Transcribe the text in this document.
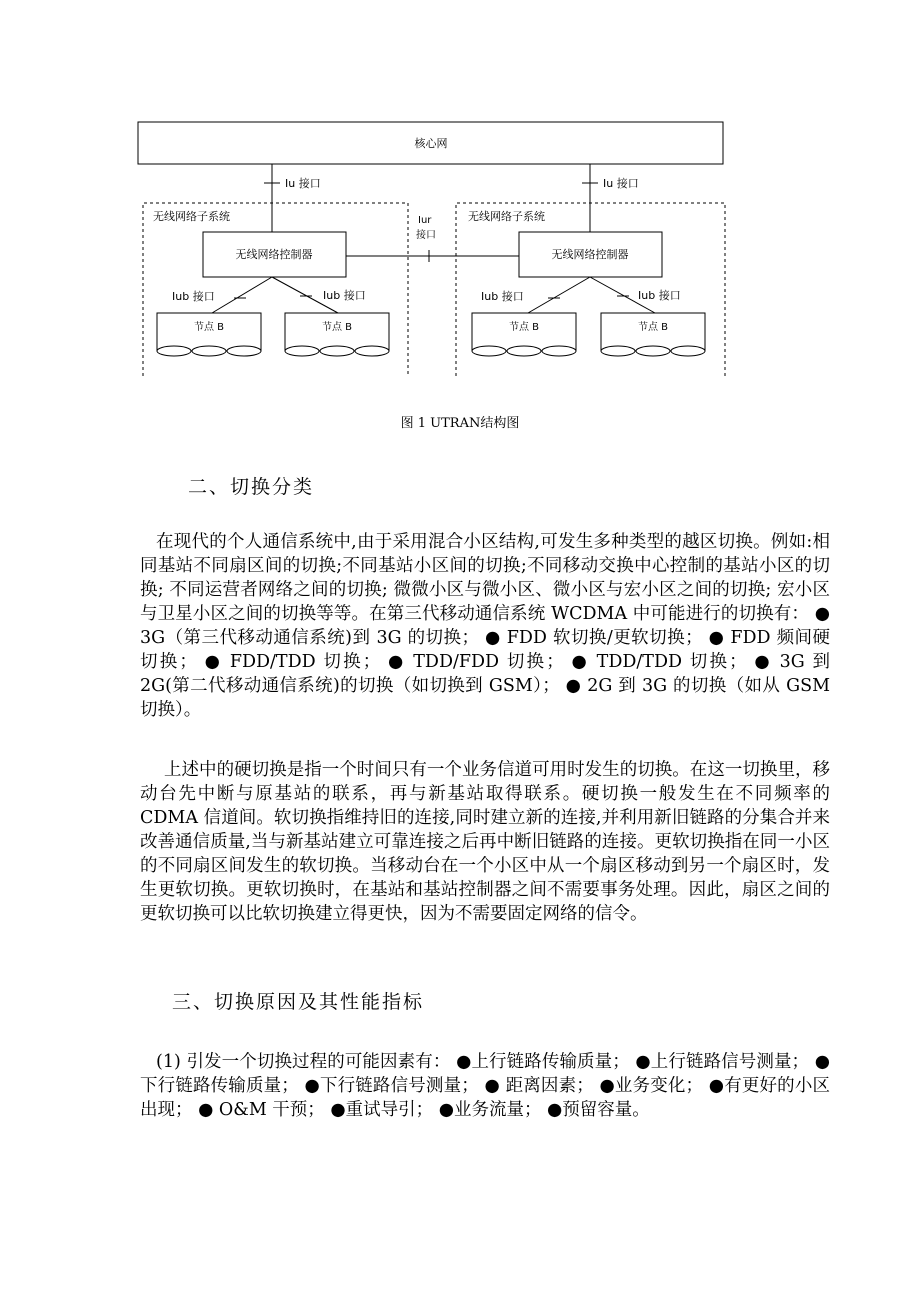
核心网
Iu 接口	Iu 接口
无线网络子系统	无线网络子系统
无线网络控制器	无线网络控制器
Iur
接口
Iub 接口	Iub 接口	Iub 接口	Iub 接口
节点 B	节点 B	节点 B	节点 B
图 1 UTRAN结构图
二、切换分类

在现代的个人通信系统中,由于采用混合小区结构,可发生多种类型的越区切换。例如:相同基站不同扇区间的切换;不同基站小区间的切换;不同移动交换中心控制的基站小区的切换; 不同运营者网络之间的切换; 微微小区与微小区、微小区与宏小区之间的切换; 宏小区与卫星小区之间的切换等等。在第三代移动通信系统 WCDMA 中可能进行的切换有： ● 3G（第三代移动通信系统)到 3G 的切换； ● FDD 软切换/更软切换； ● FDD 频间硬切换； ● FDD/TDD 切换； ● TDD/FDD 切换； ● TDD/TDD 切换； ● 3G 到 2G(第二代移动通信系统)的切换（如切换到 GSM）； ● 2G 到 3G 的切换（如从 GSM 切换）。

上述中的硬切换是指一个时间只有一个业务信道可用时发生的切换。在这一切换里，移动台先中断与原基站的联系，再与新基站取得联系。硬切换一般发生在不同频率的 CDMA 信道间。软切换指维持旧的连接,同时建立新的连接,并利用新旧链路的分集合并来改善通信质量,当与新基站建立可靠连接之后再中断旧链路的连接。更软切换指在同一小区的不同扇区间发生的软切换。当移动台在一个小区中从一个扇区移动到另一个扇区时，发生更软切换。更软切换时，在基站和基站控制器之间不需要事务处理。因此，扇区之间的更软切换可以比软切换建立得更快，因为不需要固定网络的信令。

三、切换原因及其性能指标

(1) 引发一个切换过程的可能因素有： ●上行链路传输质量； ●上行链路信号测量； ●下行链路传输质量； ●下行链路信号测量； ● 距离因素； ●业务变化； ●有更好的小区出现； ● O&M 干预； ●重试导引； ●业务流量； ●预留容量。
